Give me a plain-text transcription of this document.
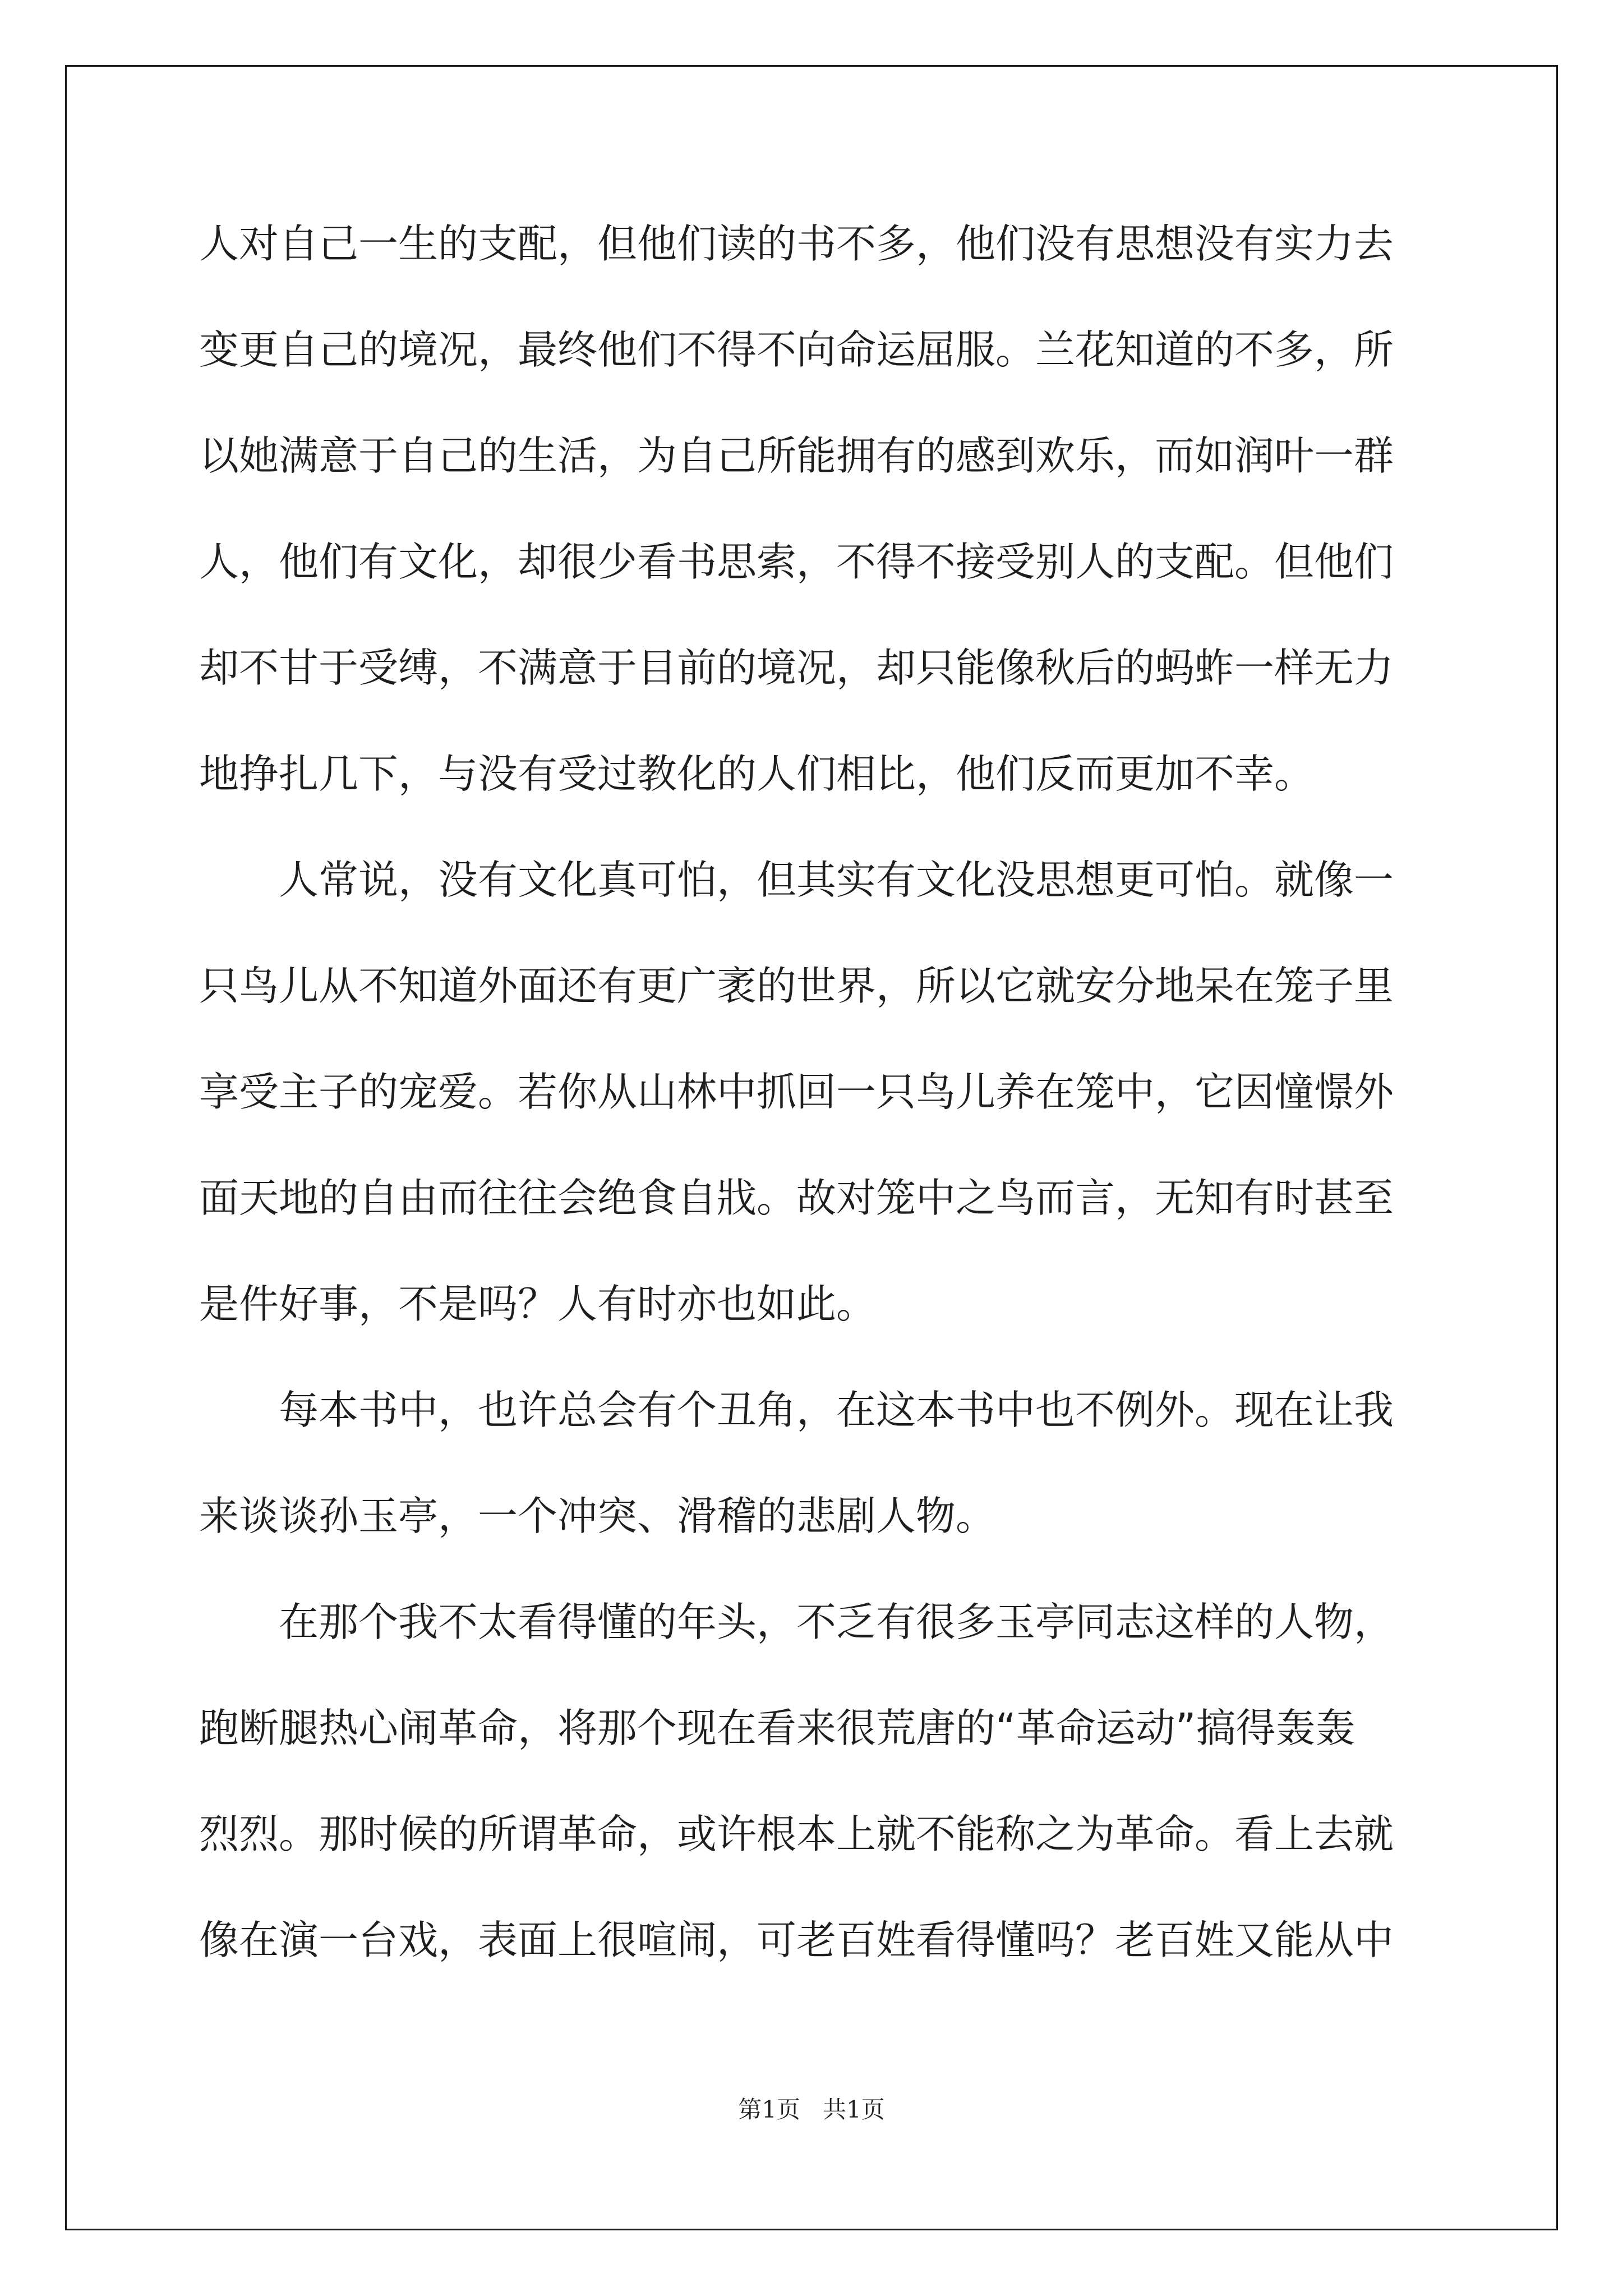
人对自己一生的支配，但他们读的书不多，他们没有思想没有实力去
变更自己的境况，最终他们不得不向命运屈服。兰花知道的不多，所
以她满意于自己的生活，为自己所能拥有的感到欢乐，而如润叶一群
人，他们有文化，却很少看书思索，不得不接受别人的支配。但他们
却不甘于受缚，不满意于目前的境况，却只能像秋后的蚂蚱一样无力
地挣扎几下，与没有受过教化的人们相比，他们反而更加不幸。
人常说，没有文化真可怕，但其实有文化没思想更可怕。就像一
只鸟儿从不知道外面还有更广袤的世界，所以它就安分地呆在笼子里
享受主子的宠爱。若你从山林中抓回一只鸟儿养在笼中，它因憧憬外
面天地的自由而往往会绝食自戕。故对笼中之鸟而言，无知有时甚至
是件好事，不是吗？人有时亦也如此。
每本书中，也许总会有个丑角，在这本书中也不例外。现在让我
来谈谈孙玉亭，一个冲突、滑稽的悲剧人物。
在那个我不太看得懂的年头，不乏有很多玉亭同志这样的人物，
跑断腿热心闹革命，将那个现在看来很荒唐的“革命运动”搞得轰轰
烈烈。那时候的所谓革命，或许根本上就不能称之为革命。看上去就
像在演一台戏，表面上很喧闹，可老百姓看得懂吗？老百姓又能从中
第1页 共1页
